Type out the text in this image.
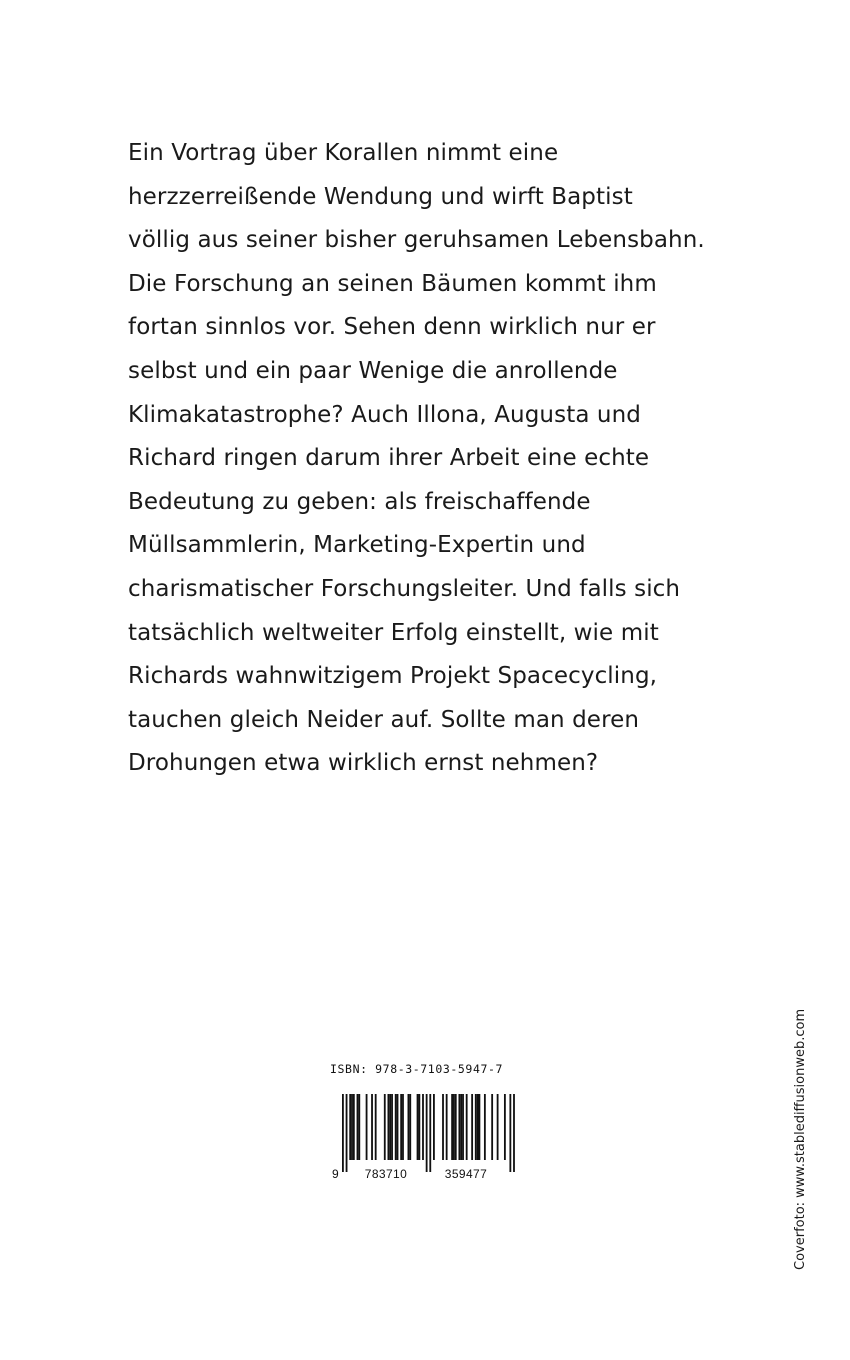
Ein Vortrag über Korallen nimmt eine
herzzerreißende Wendung und wirft Baptist
völlig aus seiner bisher geruhsamen Lebensbahn.
Die Forschung an seinen Bäumen kommt ihm
fortan sinnlos vor. Sehen denn wirklich nur er
selbst und ein paar Wenige die anrollende
Klimakatastrophe? Auch Illona, Augusta und
Richard ringen darum ihrer Arbeit eine echte
Bedeutung zu geben: als freischaffende
Müllsammlerin, Marketing-Expertin und
charismatischer Forschungsleiter. Und falls sich
tatsächlich weltweiter Erfolg einstellt, wie mit
Richards wahnwitzigem Projekt Spacecycling,
tauchen gleich Neider auf. Sollte man deren
Drohungen etwa wirklich ernst nehmen?
ISBN: 978-3-7103-5947-7
9 783710	359477	Coverfoto: www.stablediffusionweb.com
